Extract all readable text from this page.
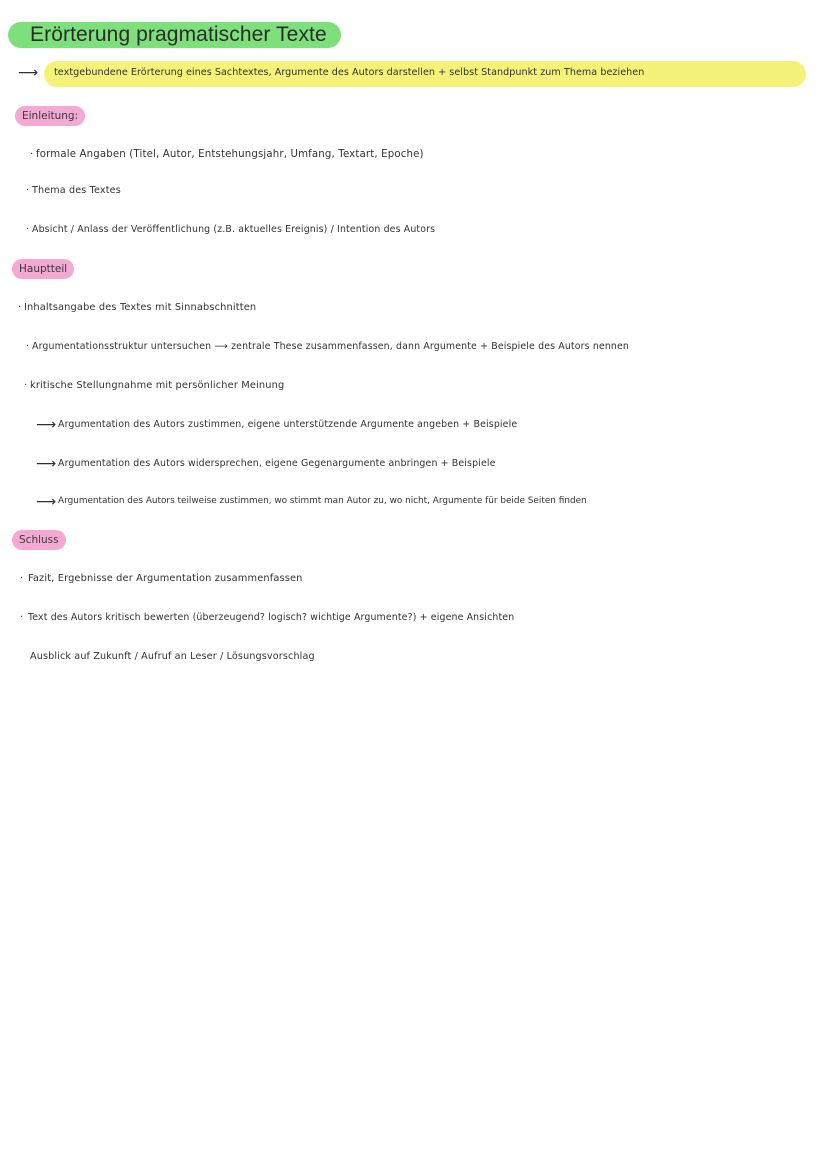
Erörterung pragmatischer Texte
⟶ textgebundene Erörterung eines Sachtextes, Argumente des Autors darstellen + selbst Standpunkt zum Thema beziehen
Einleitung:
· formale Angaben (Titel, Autor, Entstehungsjahr, Umfang, Textart, Epoche)
· Thema des Textes
· Absicht / Anlass der Veröffentlichung (z.B. aktuelles Ereignis) / Intention des Autors
Hauptteil
· Inhaltsangabe des Textes mit Sinnabschnitten
· Argumentationsstruktur untersuchen ⟶ zentrale These zusammenfassen, dann Argumente + Beispiele des Autors nennen
· kritische Stellungnahme mit persönlicher Meinung
⟶ Argumentation des Autors zustimmen, eigene unterstützende Argumente angeben + Beispiele
⟶ Argumentation des Autors widersprechen, eigene Gegenargumente anbringen + Beispiele
⟶ Argumentation des Autors teilweise zustimmen, wo stimmt man Autor zu, wo nicht, Argumente für beide Seiten finden
Schluss
· Fazit, Ergebnisse der Argumentation zusammenfassen
· Text des Autors kritisch bewerten (überzeugend? logisch? wichtige Argumente?) + eigene Ansichten
Ausblick auf Zukunft / Aufruf an Leser / Lösungsvorschlag
